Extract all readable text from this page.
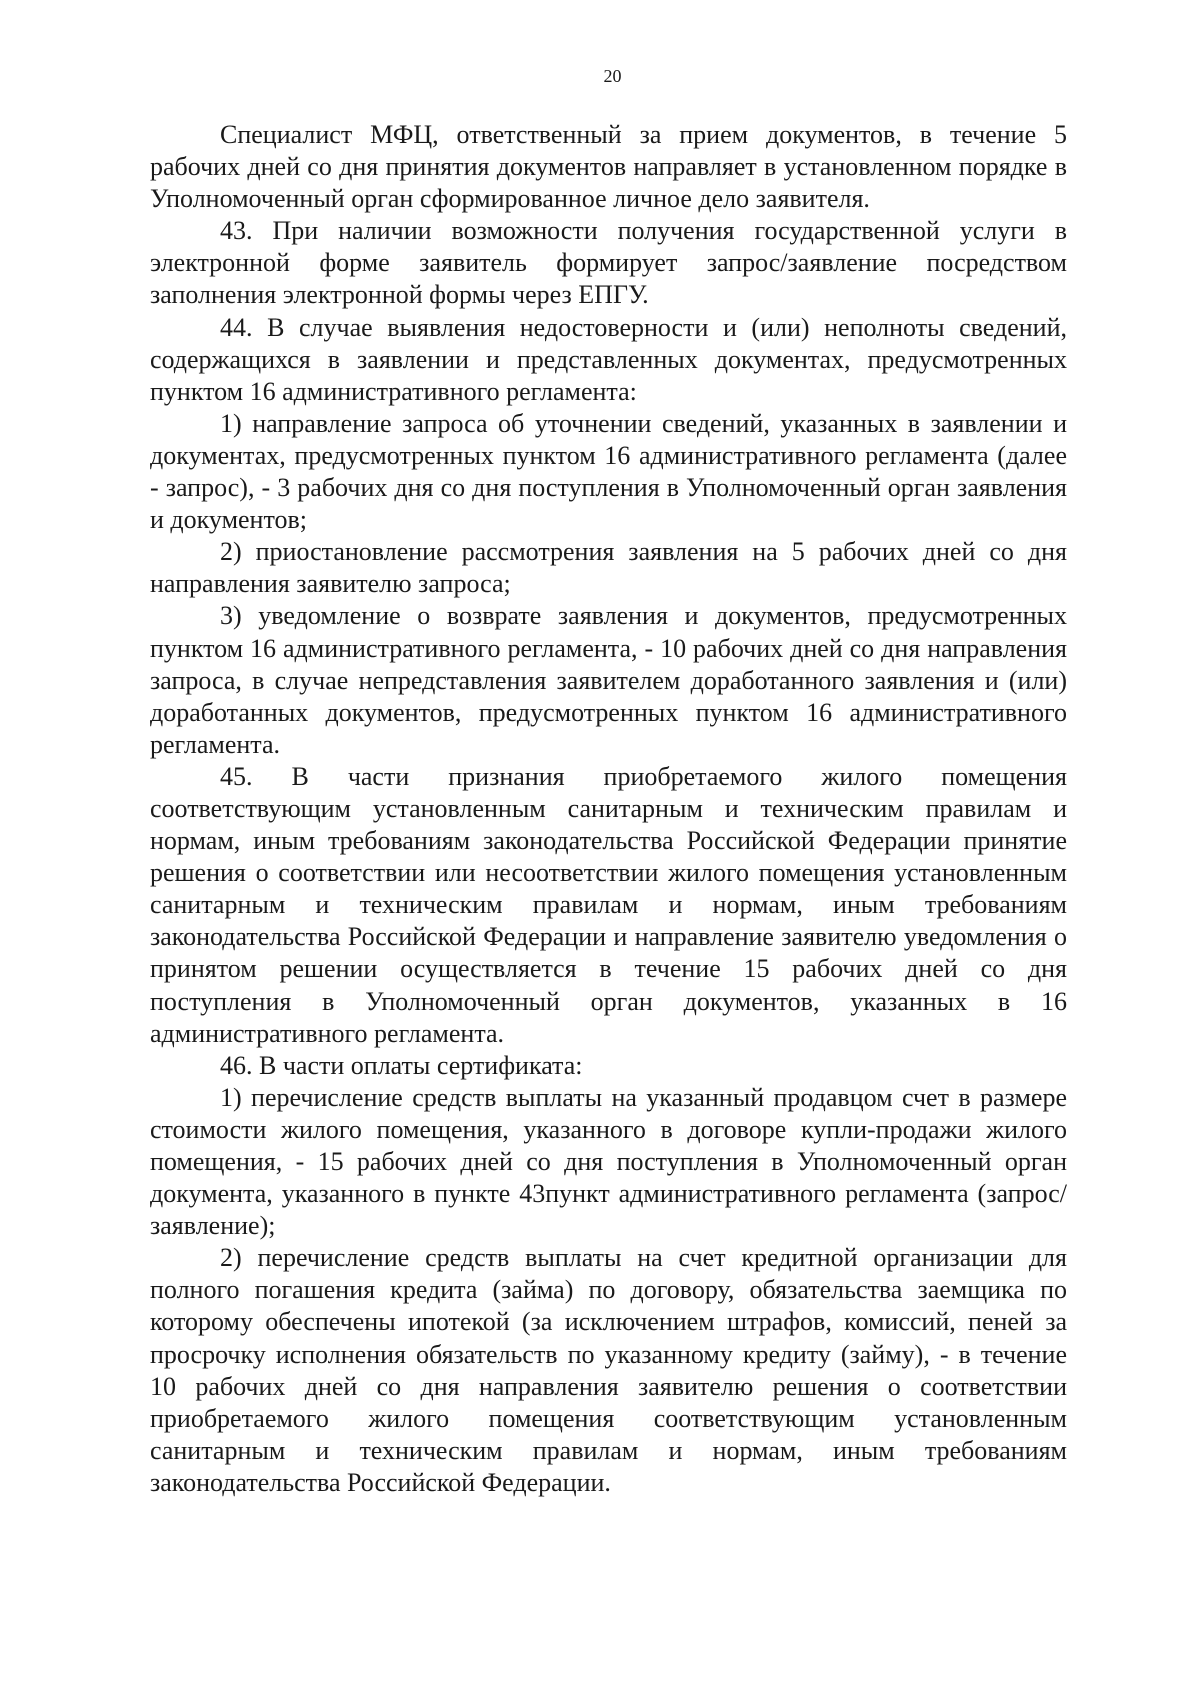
20

Специалист МФЦ, ответственный за прием документов, в течение 5 рабочих дней со дня принятия документов направляет в установленном порядке в Уполномоченный орган сформированное личное дело заявителя.

43. При наличии возможности получения государственной услуги в электронной форме заявитель формирует запрос/заявление посредством заполнения электронной формы через ЕПГУ.

44. В случае выявления недостоверности и (или) неполноты сведений, содержащихся в заявлении и представленных документах, предусмотренных пунктом 16 административного регламента:

1) направление запроса об уточнении сведений, указанных в заявлении и документах, предусмотренных пунктом 16 административного регламента (далее - запрос), - 3 рабочих дня со дня поступления в Уполномоченный орган заявления и документов;

2) приостановление рассмотрения заявления на 5 рабочих дней со дня направления заявителю запроса;

3) уведомление о возврате заявления и документов, предусмотренных пунктом 16 административного регламента, - 10 рабочих дней со дня направления запроса, в случае непредставления заявителем доработанного заявления и (или) доработанных документов, предусмотренных пунктом 16 административного регламента.

45. В части признания приобретаемого жилого помещения соответствующим установленным санитарным и техническим правилам и нормам, иным требованиям законодательства Российской Федерации принятие решения о соответствии или несоответствии жилого помещения установленным санитарным и техническим правилам и нормам, иным требованиям законодательства Российской Федерации и направление заявителю уведомления о принятом решении осуществляется в течение 15 рабочих дней со дня поступления в Уполномоченный орган документов, указанных в 16 административного регламента.

46. В части оплаты сертификата:

1) перечисление средств выплаты на указанный продавцом счет в размере стоимости жилого помещения, указанного в договоре купли-продажи жилого помещения, - 15 рабочих дней со дня поступления в Уполномоченный орган документа, указанного в пункте 43пункт административного регламента (запрос/заявление);

2) перечисление средств выплаты на счет кредитной организации для полного погашения кредита (займа) по договору, обязательства заемщика по которому обеспечены ипотекой (за исключением штрафов, комиссий, пеней за просрочку исполнения обязательств по указанному кредиту (займу), - в течение 10 рабочих дней со дня направления заявителю решения о соответствии приобретаемого жилого помещения соответствующим установленным санитарным и техническим правилам и нормам, иным требованиям законодательства Российской Федерации.
